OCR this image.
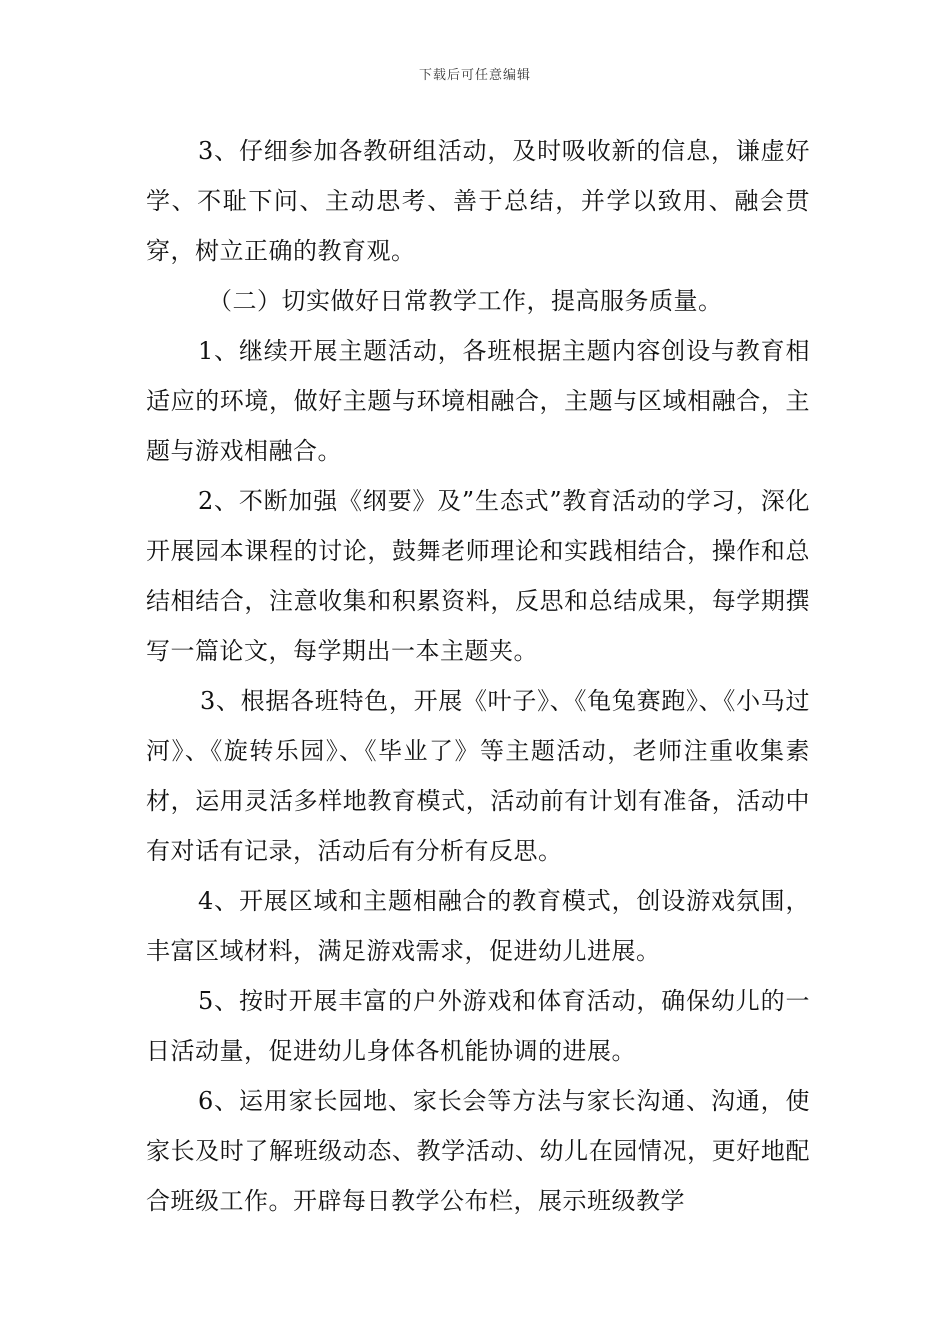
下载后可任意编辑

3、仔细参加各教研组活动，及时吸收新的信息，谦虚好学、不耻下问、主动思考、善于总结，并学以致用、融会贯穿，树立正确的教育观。

（二）切实做好日常教学工作，提高服务质量。

1、继续开展主题活动，各班根据主题内容创设与教育相适应的环境，做好主题与环境相融合，主题与区域相融合，主题与游戏相融合。

2、不断加强《纲要》及”生态式”教育活动的学习，深化开展园本课程的讨论，鼓舞老师理论和实践相结合，操作和总结相结合，注意收集和积累资料，反思和总结成果，每学期撰写一篇论文，每学期出一本主题夹。

3、根据各班特色，开展《叶子》、《龟兔赛跑》、《小马过河》、《旋转乐园》、《毕业了》等主题活动，老师注重收集素材，运用灵活多样地教育模式，活动前有计划有准备，活动中有对话有记录，活动后有分析有反思。

4、开展区域和主题相融合的教育模式，创设游戏氛围，丰富区域材料，满足游戏需求，促进幼儿进展。

5、按时开展丰富的户外游戏和体育活动，确保幼儿的一日活动量，促进幼儿身体各机能协调的进展。

6、运用家长园地、家长会等方法与家长沟通、沟通，使家长及时了解班级动态、教学活动、幼儿在园情况，更好地配合班级工作。开辟每日教学公布栏，展示班级教学
